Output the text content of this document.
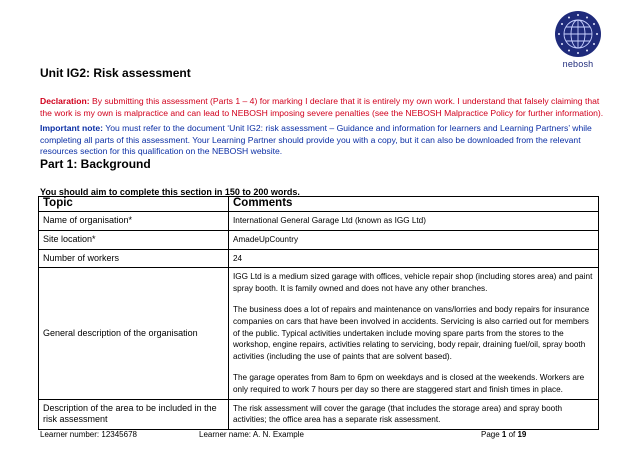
nebosh
Unit IG2: Risk assessment
Declaration: By submitting this assessment (Parts 1 – 4) for marking I declare that it is entirely my own work. I understand that falsely claiming that the work is my own is malpractice and can lead to NEBOSH imposing severe penalties (see the NEBOSH Malpractice Policy for further information).
Important note: You must refer to the document ‘Unit IG2: risk assessment – Guidance and information for learners and Learning Partners’ while completing all parts of this assessment. Your Learning Partner should provide you with a copy, but it can also be downloaded from the relevant resources section for this qualification on the NEBOSH website.
Part 1: Background
You should aim to complete this section in 150 to 200 words.
Topic	Comments
Name of organisation*	International General Garage Ltd (known as IGG Ltd)

Site location*	AmadeUpCountry

Number of workers	24

General description of the organisation	IGG Ltd is a medium sized garage with offices, vehicle repair shop (including stores area) and paint spray booth. It is family owned and does not have any other branches.
The business does a lot of repairs and maintenance on vans/lorries and body repairs for insurance companies on cars that have been involved in accidents. Servicing is also carried out for members of the public. Typical activities undertaken include moving spare parts from the stores to the workshop, engine repairs, activities relating to servicing, body repair, draining fuel/oil, spray booth activities (including the use of paints that are solvent based).
The garage operates from 8am to 6pm on weekdays and is closed at the weekends. Workers are only required to work 7 hours per day so there are staggered start and finish times in place.

Description of the area to be included in the risk assessment	The risk assessment will cover the garage (that includes the storage area) and spray booth activities; the office area has a separate risk assessment.
Learner number: 12345678	Learner name: A. N. Example	Page 1 of 19
